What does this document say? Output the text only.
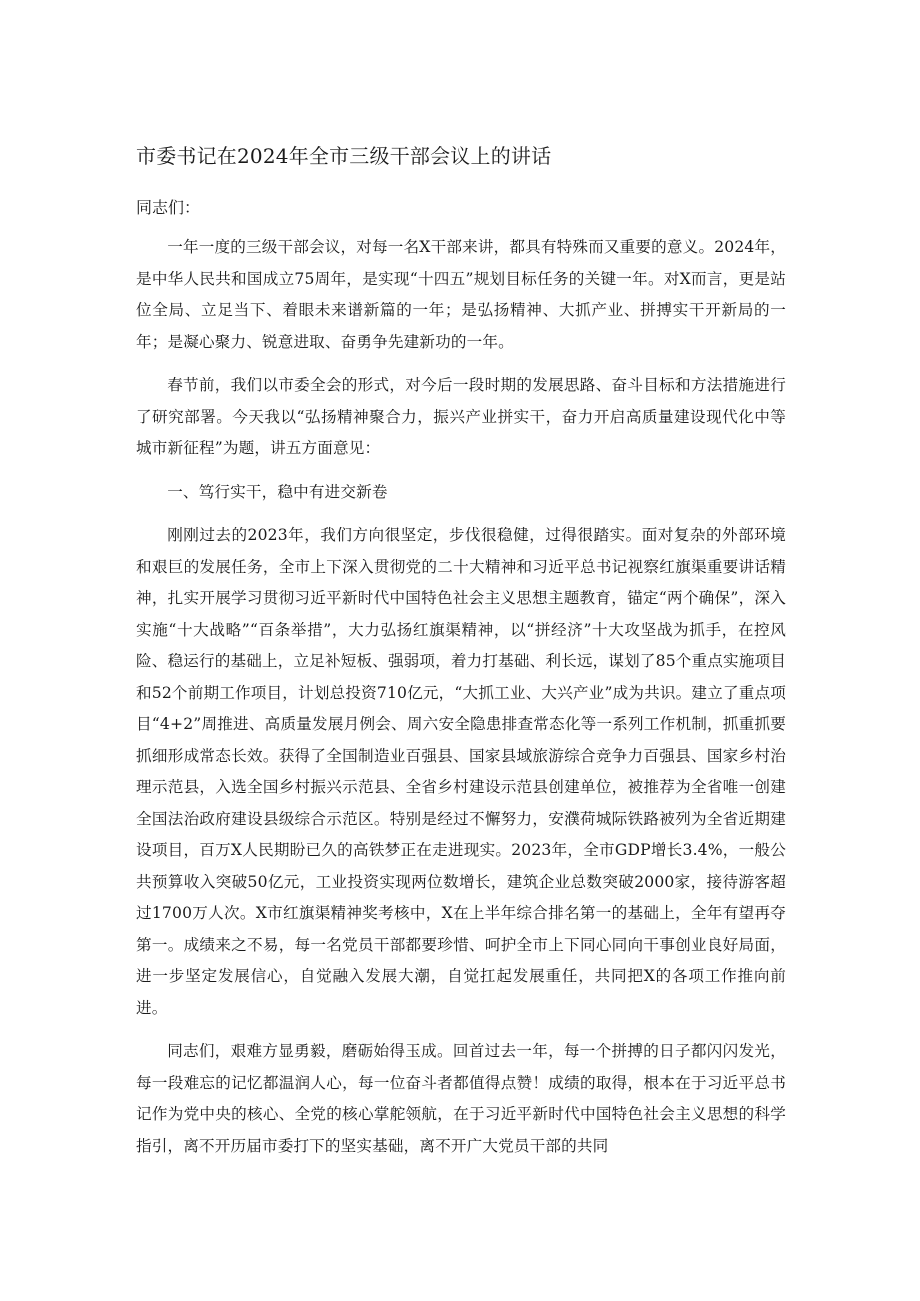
市委书记在2024年全市三级干部会议上的讲话

同志们：

一年一度的三级干部会议，对每一名X干部来讲，都具有特殊而又重要的意义。2024年，是中华人民共和国成立75周年，是实现“十四五”规划目标任务的关键一年。对X而言，更是站位全局、立足当下、着眼未来谱新篇的一年；是弘扬精神、大抓产业、拼搏实干开新局的一年；是凝心聚力、锐意进取、奋勇争先建新功的一年。

春节前，我们以市委全会的形式，对今后一段时期的发展思路、奋斗目标和方法措施进行了研究部署。今天我以“弘扬精神聚合力，振兴产业拼实干，奋力开启高质量建设现代化中等城市新征程”为题，讲五方面意见：

一、笃行实干，稳中有进交新卷

刚刚过去的2023年，我们方向很坚定，步伐很稳健，过得很踏实。面对复杂的外部环境和艰巨的发展任务，全市上下深入贯彻党的二十大精神和习近平总书记视察红旗渠重要讲话精神，扎实开展学习贯彻习近平新时代中国特色社会主义思想主题教育，锚定“两个确保”，深入实施“十大战略”“百条举措”，大力弘扬红旗渠精神，以“拼经济”十大攻坚战为抓手，在控风险、稳运行的基础上，立足补短板、强弱项，着力打基础、利长远，谋划了85个重点实施项目和52个前期工作项目，计划总投资710亿元，“大抓工业、大兴产业”成为共识。建立了重点项目“4+2”周推进、高质量发展月例会、周六安全隐患排查常态化等一系列工作机制，抓重抓要抓细形成常态长效。获得了全国制造业百强县、国家县域旅游综合竞争力百强县、国家乡村治理示范县，入选全国乡村振兴示范县、全省乡村建设示范县创建单位，被推荐为全省唯一创建全国法治政府建设县级综合示范区。特别是经过不懈努力，安濮荷城际铁路被列为全省近期建设项目，百万X人民期盼已久的高铁梦正在走进现实。2023年，全市GDP增长3.4%，一般公共预算收入突破50亿元，工业投资实现两位数增长，建筑企业总数突破2000家，接待游客超过1700万人次。X市红旗渠精神奖考核中，X在上半年综合排名第一的基础上，全年有望再夺第一。成绩来之不易，每一名党员干部都要珍惜、呵护全市上下同心同向干事创业良好局面，进一步坚定发展信心，自觉融入发展大潮，自觉扛起发展重任，共同把X的各项工作推向前进。

同志们，艰难方显勇毅，磨砺始得玉成。回首过去一年，每一个拼搏的日子都闪闪发光，每一段难忘的记忆都温润人心，每一位奋斗者都值得点赞！成绩的取得，根本在于习近平总书记作为党中央的核心、全党的核心掌舵领航，在于习近平新时代中国特色社会主义思想的科学指引，离不开历届市委打下的坚实基础，离不开广大党员干部的共同
